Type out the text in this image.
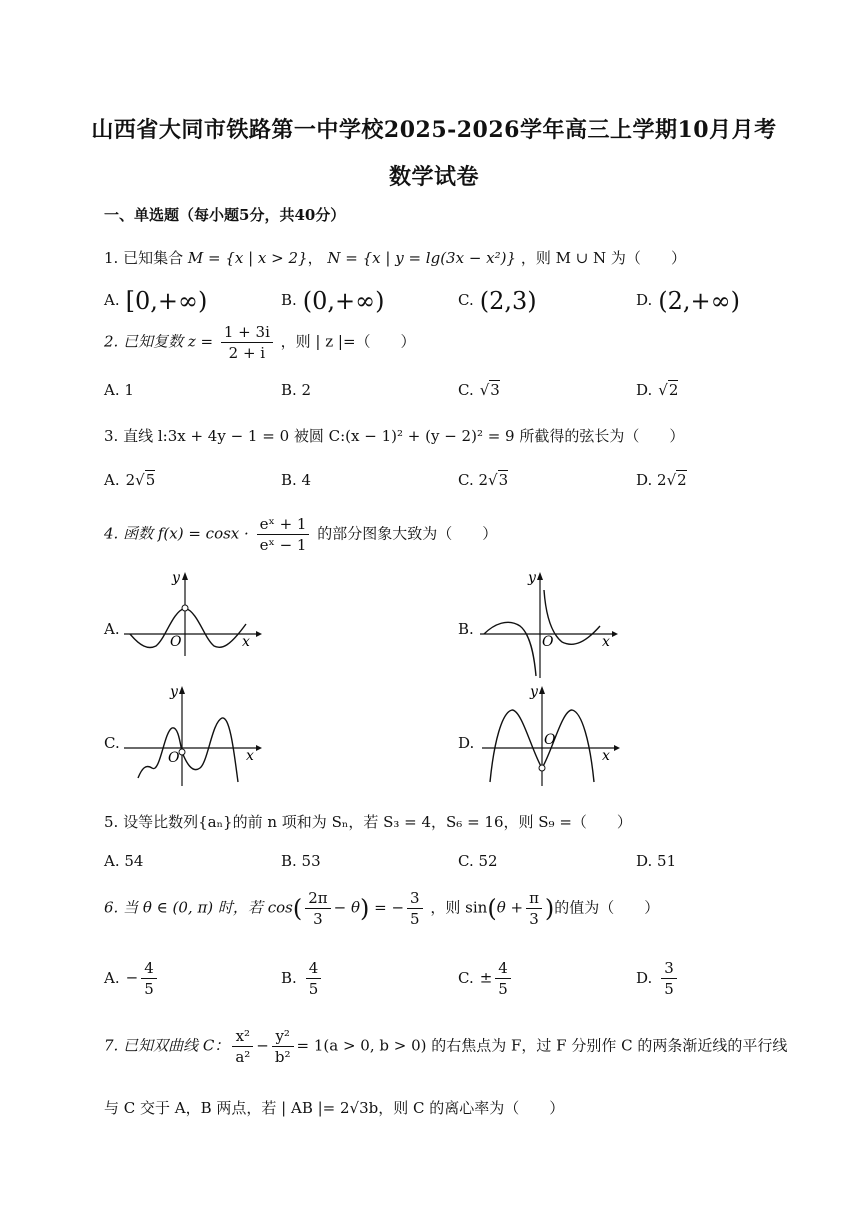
山西省大同市铁路第一中学校2025-2026学年高三上学期10月月考
数学试卷
一、单选题（每小题5分，共40分）
1. 已知集合 M = {x | x > 2}， N = {x | y = lg(3x − x²)} ，则 M ∪ N 为（　　）
A. [0,+∞)	B. (0,+∞)	C. (2,3)	D. (2,+∞)
2. 已知复数 $z = \frac{1 + 3i}{2 + i}$ ，则 | z |=（　　）
A. 1	B. 2	C. √3	D. √2
3. 直线 l:3x + 4y − 1 = 0 被圆 C:(x − 1)² + (y − 2)² = 9 所截得的弦长为（　　）
A. 2√5	B. 4	C. 2√3	D. 2√2
4. 函数 $f(x) = \cos x \cdot \frac{\text{eˣ + 1}}{\text{eˣ − 1}}$ 的部分图象大致为（　　）
A.
x
y
O
B.
x
y
O
C.
x
y
O
D.
x
y
O
5. 设等比数列{aₙ}的前 n 项和为 Sₙ，若 S₃ = 4，S₆ = 16，则 S₉ =（　　）
A. 54	B. 53	C. 52	D. 51
6. 当 θ ∈ (0, π) 时，若 $\cos( \frac{2\pi}{3} - \theta)$ = − $\frac{3}{5}$ ，则 $\sin(\theta + \frac{\pi}{3}$ )的值为（　　）
A. − $\frac{4}{5}$	B. $\frac{4}{5}$	C. ± $\frac{4}{5}$	D. $\frac{3}{5}$
7. 已知双曲线 C： $\frac{\text{x²}}{\text{a²}} - \frac{\text{y²}}{\text{b²}} = 1(a > 0$, b > 0) 的右焦点为 F，过 F 分别作 C 的两条渐近线的平行线
与 C 交于 A，B 两点，若 | AB |= 2√3b，则 C 的离心率为（　　）
